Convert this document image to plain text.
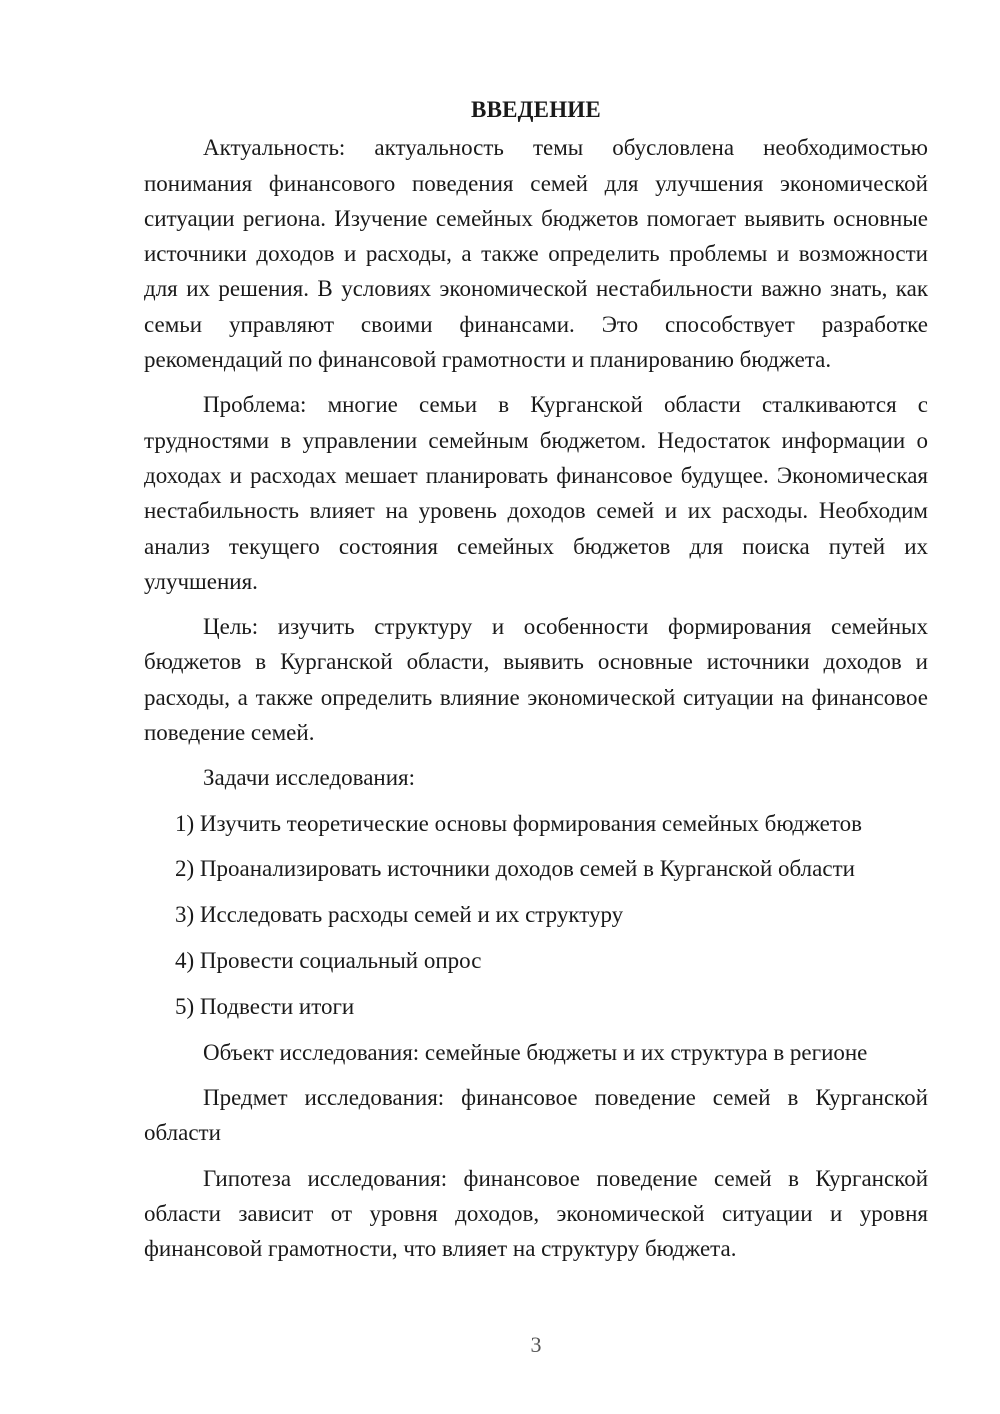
ВВЕДЕНИЕ

Актуальность: актуальность темы обусловлена необходимостью понимания финансового поведения семей для улучшения экономической ситуации региона. Изучение семейных бюджетов помогает выявить основные источники доходов и расходы, а также определить проблемы и возможности для их решения. В условиях экономической нестабильности важно знать, как семьи управляют своими финансами. Это способствует разработке рекомендаций по финансовой грамотности и планированию бюджета.

Проблема: многие семьи в Курганской области сталкиваются с трудностями в управлении семейным бюджетом. Недостаток информации о доходах и расходах мешает планировать финансовое будущее. Экономическая нестабильность влияет на уровень доходов семей и их расходы. Необходим анализ текущего состояния семейных бюджетов для поиска путей их улучшения.

Цель: изучить структуру и особенности формирования семейных бюджетов в Курганской области, выявить основные источники доходов и расходы, а также определить влияние экономической ситуации на финансовое поведение семей.

Задачи исследования:

1) Изучить теоретические основы формирования семейных бюджетов

2) Проанализировать источники доходов семей в Курганской области

3) Исследовать расходы семей и их структуру

4) Провести социальный опрос

5) Подвести итоги

Объект исследования: семейные бюджеты и их структура в регионе

Предмет исследования: финансовое поведение семей в Курганской области

Гипотеза исследования: финансовое поведение семей в Курганской области зависит от уровня доходов, экономической ситуации и уровня финансовой грамотности, что влияет на структуру бюджета.

3
